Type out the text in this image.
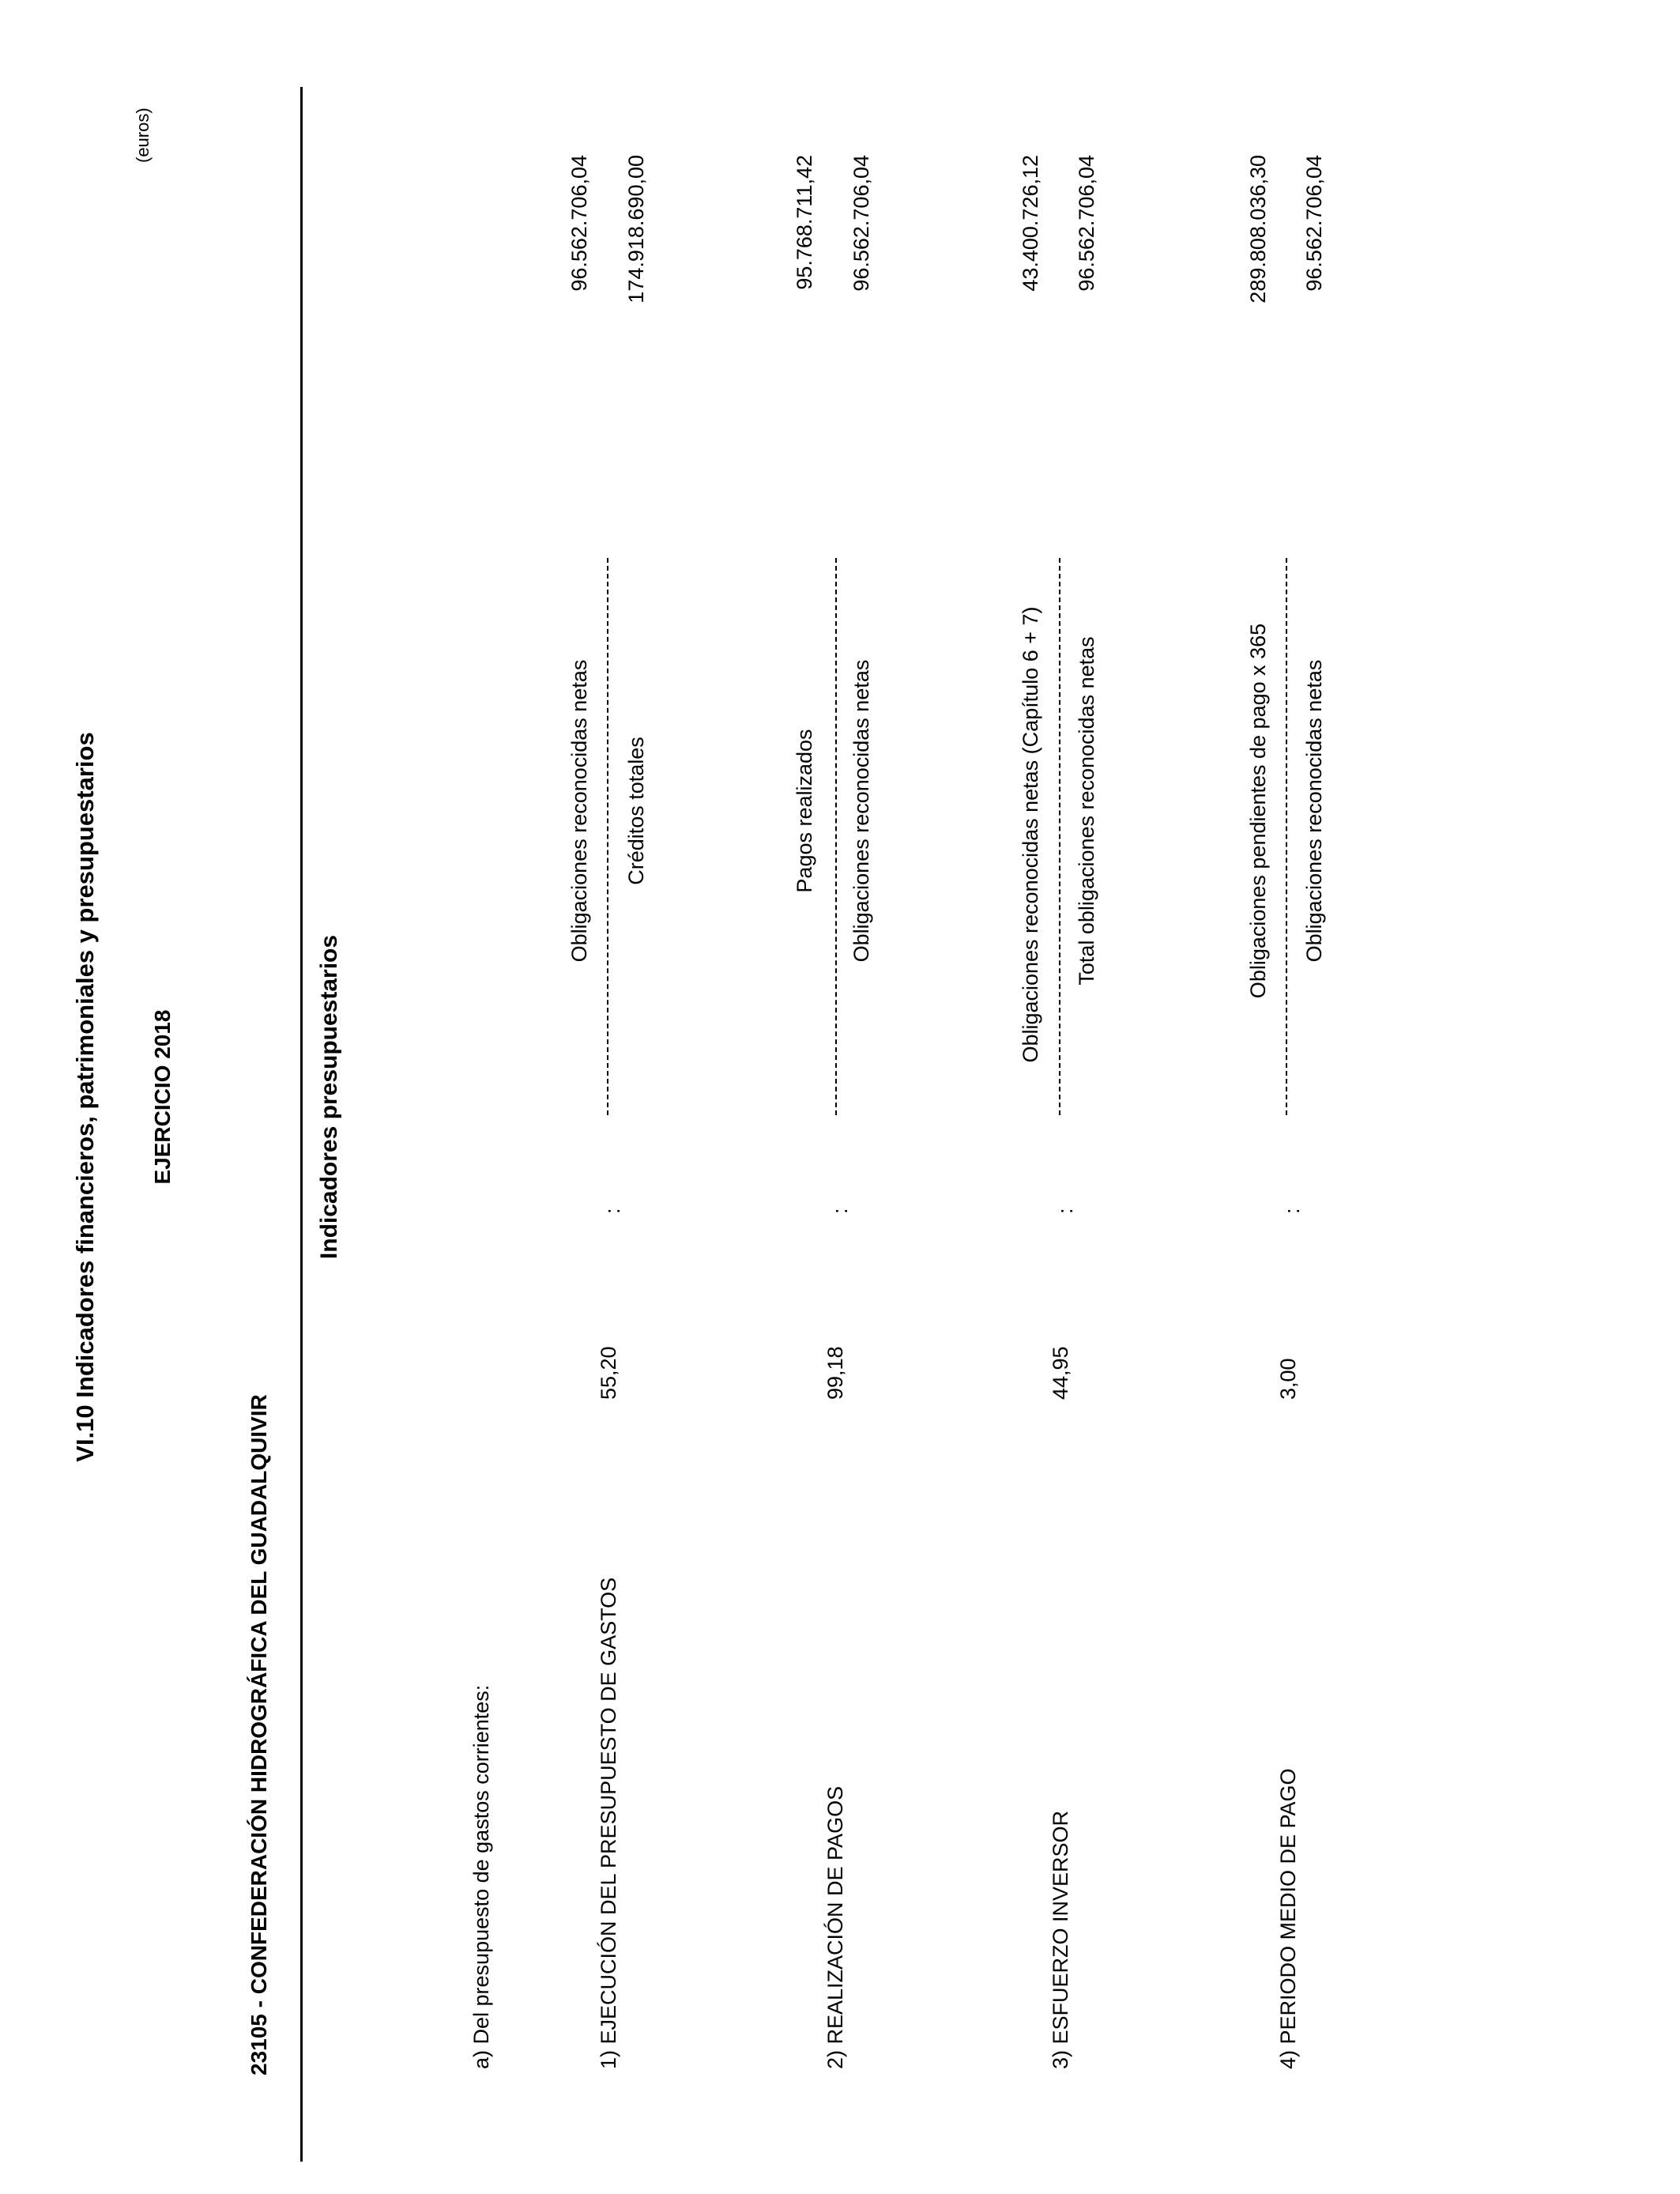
VI.10 Indicadores financieros, patrimoniales y presupuestarios EJERCICIO 2018
(euros)
23105 - CONFEDERACIÓN HIDROGRÁFICA DEL GUADALQUIVIR
Indicadores presupuestarios
a) Del presupuesto de gastos corrientes:	1) EJECUCIÓN DEL PRESUPUESTO DE GASTOS
55,20
:
Obligaciones reconocidas netas Créditos totales
96.562.706,04 174.918.690,00
2) REALIZACIÓN DE PAGOS
99,18
:
Pagos realizados Obligaciones reconocidas netas
95.768.711,42 96.562.706,04
3) ESFUERZO INVERSOR
44,95
:
Obligaciones reconocidas netas (Capítulo 6 + 7) Total obligaciones reconocidas netas
43.400.726,12 96.562.706,04
4) PERIODO MEDIO DE PAGO
3,00
:
Obligaciones pendientes de pago x 365 Obligaciones reconocidas netas
289.808.036,30 96.562.706,04
